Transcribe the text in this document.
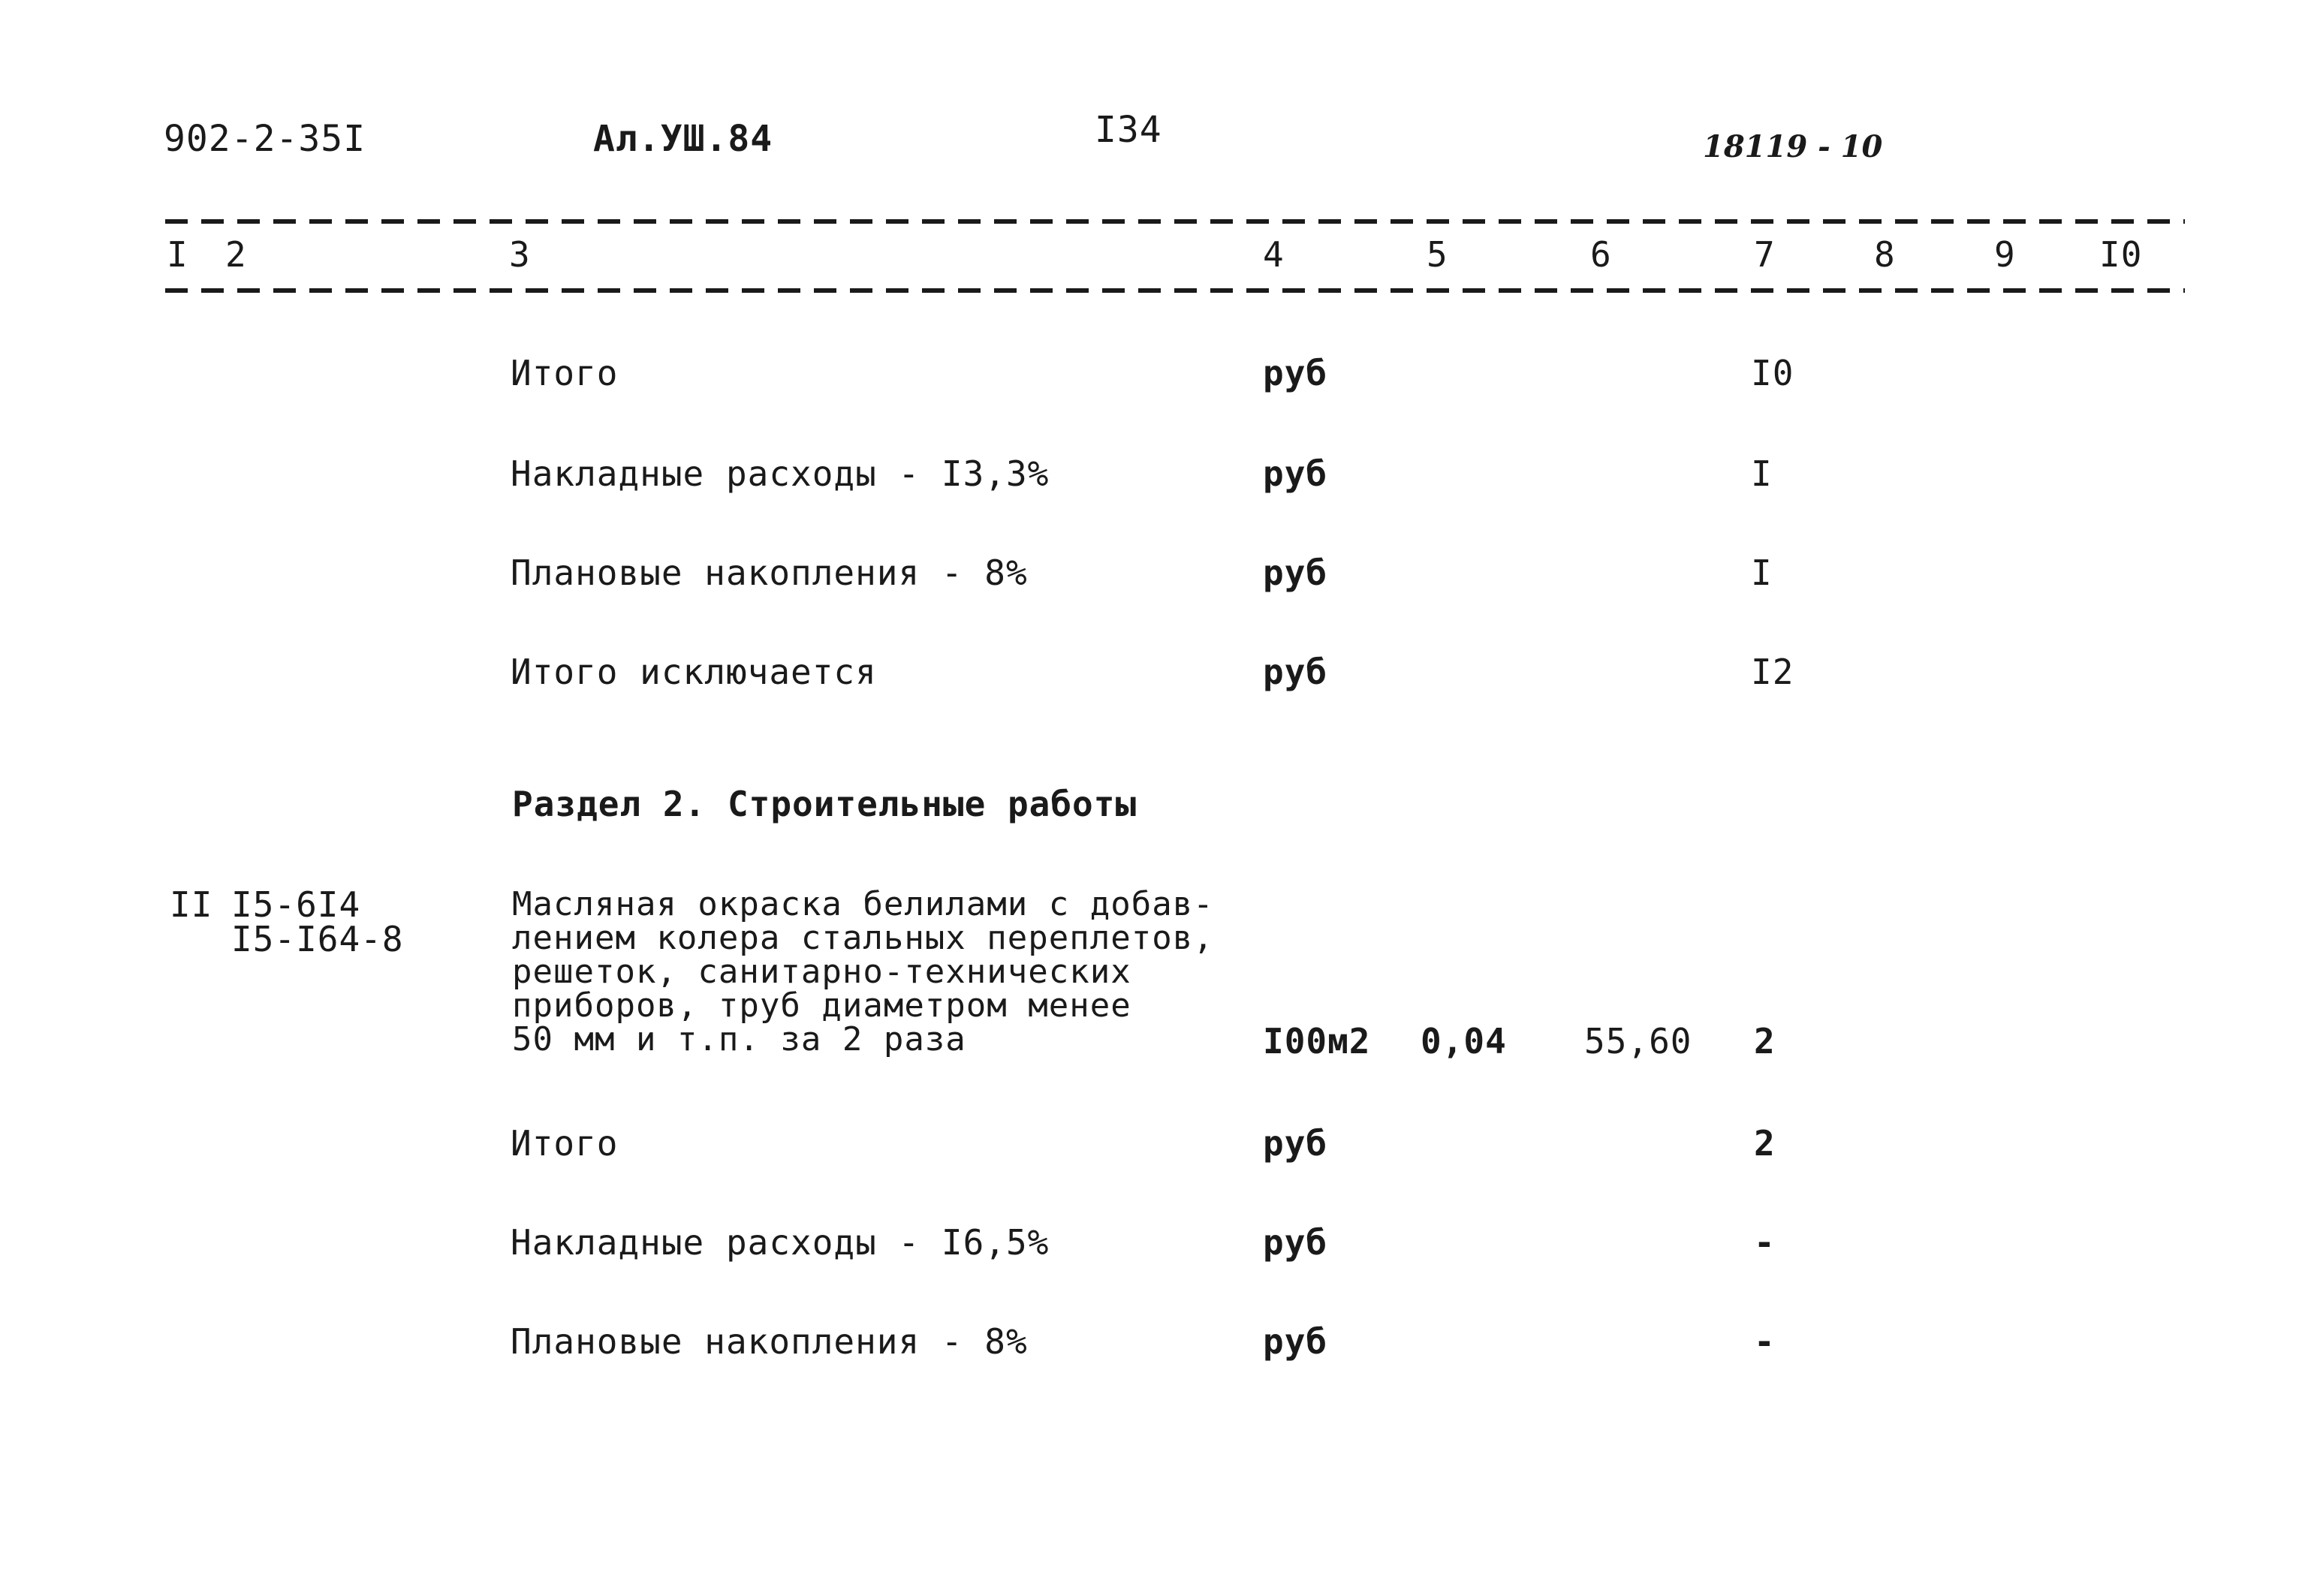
902-2-35I	Ал.УШ.84	I34	18119 - 10
I 2	3	4	5	6	7	8	9 I0
Итого	руб	I0
Накладные расходы - I3,3%	руб	I
Плановые накопления - 8%	руб	I
Итого исключается	руб	I2
Раздел 2. Строительные работы
II I5-6I4
I5-I64-8
Масляная окраска белилами с добав-
лением колера стальных переплетов,
решеток, санитарно-технических
приборов, труб диаметром менее
50 мм и т.п. за 2 раза	I00м2 0,04 55,60 2
Итого	руб	2
Накладные расходы - I6,5%	руб	-
Плановые накопления - 8%	руб	-
